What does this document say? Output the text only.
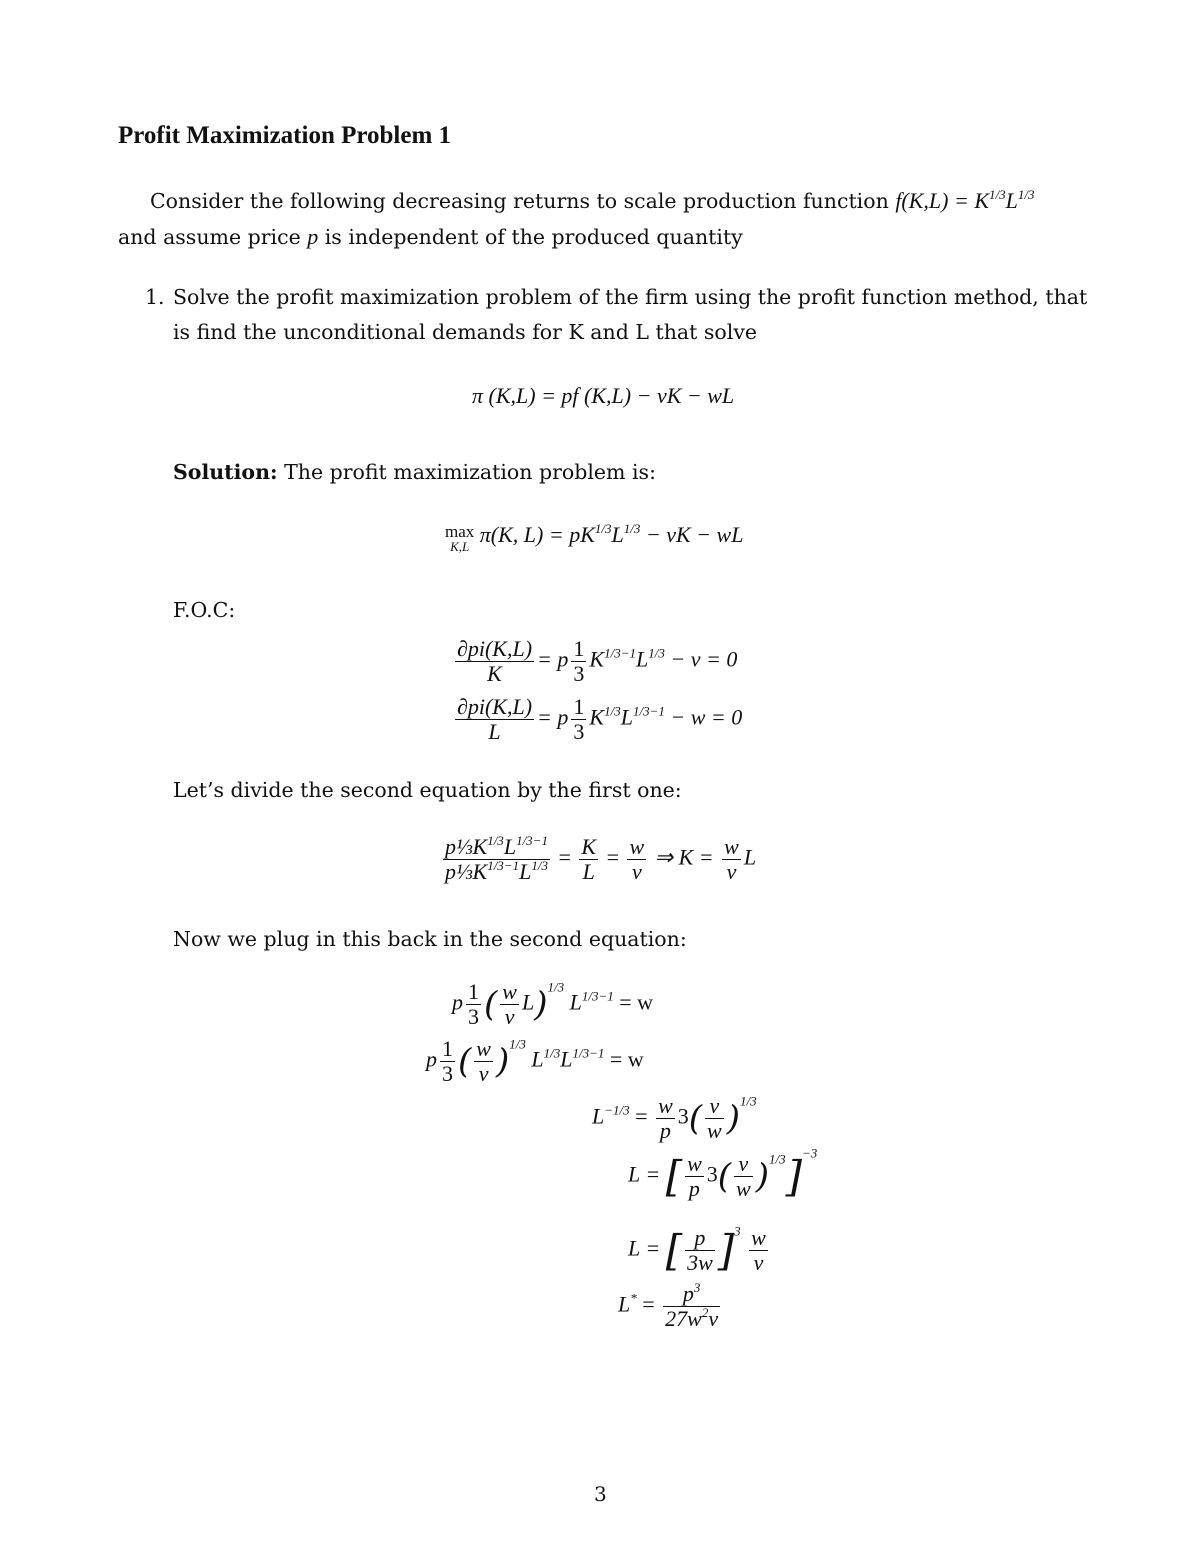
Profit Maximization Problem 1
Consider the following decreasing returns to scale production function $f(K,L) = K^{1/3}L^{1/3}$
and assume price p is independent of the produced quantity
1. Solve the profit maximization problem of the firm using the profit function method, that
is find the unconditional demands for K and L that solve
π (K,L) = pf (K,L) − vK − wL
Solution: The profit maximization problem is:
max
K,L π(K, $L) = pK^{1/3}L^{1/3}$ − vK − wL
F.O.C:
$\frac{\partial pi(K,L)}{K} = p \frac{1}{3} K^{1/3-1}L^{1/3} - v = 0$
$\frac{\partial pi(K,L)}{L} = p \frac{1}{3} K^{1/3}L^{1/3-1} - w = 0$
Let’s divide the second equation by the first one:
$\frac{p\frac{1}{3}K^{1/3}L^{1/3-1}}{p\frac{1}{3}K^{1/3-1}L^{1/3}} = \frac{K}{L} = \frac{w}{v}$ ⇒ $K = \frac{w}{v}$ L
Now we plug in this back in the second equation:
p $\frac{1}{3}$ ( $\frac{w}{v} L)^{1/3}$ $L^{1/3-1} = w$
p $\frac{1}{3}$ ( $\frac{w}{v} )^{1/3}$ $L^{1/3}L^{1/3-1} = w$
$L^{-1/3} = \frac{w}{p} 3( \frac{v}{w} )^{1/3}$
L = [ $\frac{w}{p} 3( \frac{v}{w} )^{1/3}]^{-3}$
L = [ $\frac{p}{3w} ]^3 \frac{w}{v}$
$L^* = \frac{p^3}{27w^2v}$
3
